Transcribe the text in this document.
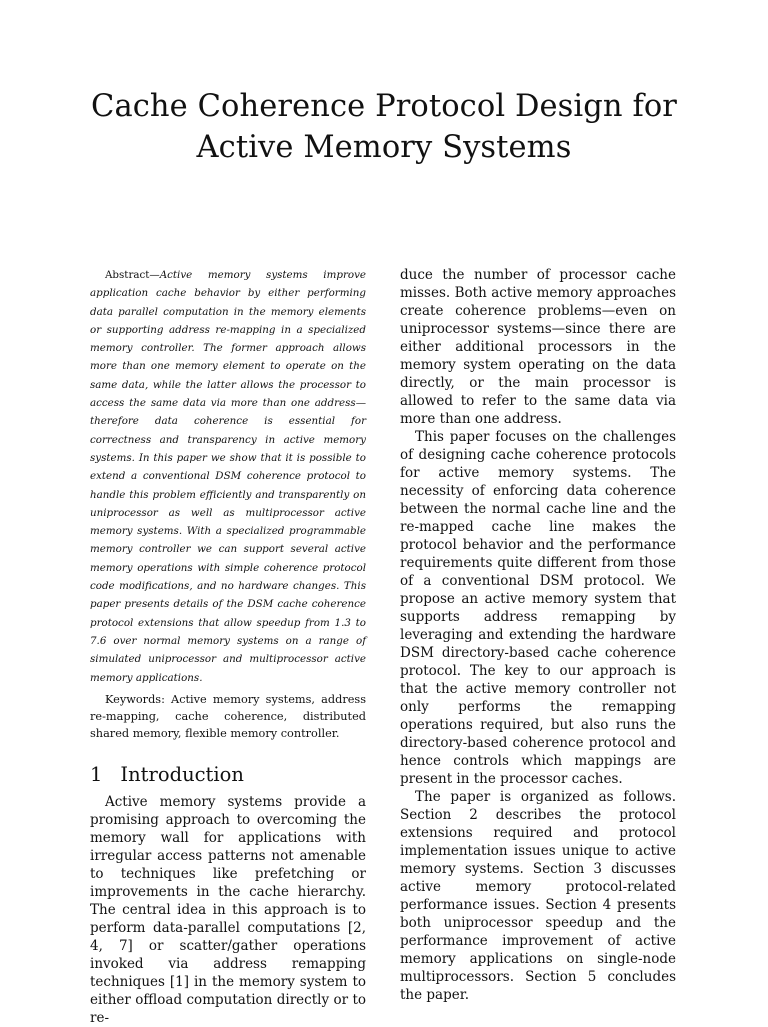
Cache Coherence Protocol Design for
Active Memory Systems

Abstract—Active memory systems improve application cache behavior by either performing data parallel computation in the memory elements or supporting address re-mapping in a specialized memory controller. The former approach allows more than one memory element to operate on the same data, while the latter allows the processor to access the same data via more than one address—therefore data coherence is essential for correctness and transparency in active memory systems. In this paper we show that it is possible to extend a conventional DSM coherence protocol to handle this problem efficiently and transparently on uniprocessor as well as multiprocessor active memory systems. With a specialized programmable memory controller we can support several active memory operations with simple coherence protocol code modifications, and no hardware changes. This paper presents details of the DSM cache coherence protocol extensions that allow speedup from 1.3 to 7.6 over normal memory systems on a range of simulated uniprocessor and multiprocessor active memory applications.

Keywords: Active memory systems, address re-mapping, cache coherence, distributed shared memory, flexible memory controller.

1 Introduction

Active memory systems provide a promising approach to overcoming the memory wall for applications with irregular access patterns not amenable to techniques like prefetching or improvements in the cache hierarchy. The central idea in this approach is to perform data-parallel computations [2, 4, 7] or scatter/gather operations invoked via address remapping techniques [1] in the memory system to either offload computation directly or to re-

duce the number of processor cache misses. Both active memory approaches create coherence problems—even on uniprocessor systems—since there are either additional processors in the memory system operating on the data directly, or the main processor is allowed to refer to the same data via more than one address.

This paper focuses on the challenges of designing cache coherence protocols for active memory systems. The necessity of enforcing data coherence between the normal cache line and the re-mapped cache line makes the protocol behavior and the performance requirements quite different from those of a conventional DSM protocol. We propose an active memory system that supports address remapping by leveraging and extending the hardware DSM directory-based cache coherence protocol. The key to our approach is that the active memory controller not only performs the remapping operations required, but also runs the directory-based coherence protocol and hence controls which mappings are present in the processor caches.

The paper is organized as follows. Section 2 describes the protocol extensions required and protocol implementation issues unique to active memory systems. Section 3 discusses active memory protocol-related performance issues. Section 4 presents both uniprocessor speedup and the performance improvement of active memory applications on single-node multiprocessors. Section 5 concludes the paper.
